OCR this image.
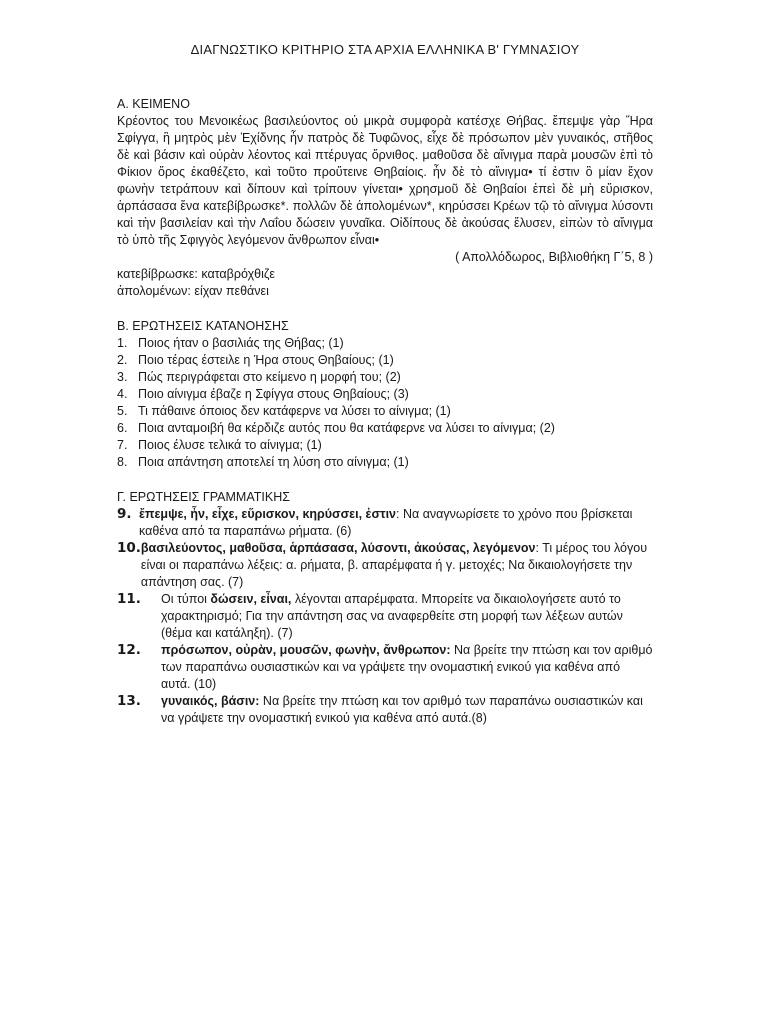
ΔΙΑΓΝΩΣΤΙΚΟ ΚΡΙΤΗΡΙΟ ΣΤΑ ΑΡΧΙΑ ΕΛΛΗΝΙΚΑ Β' ΓΥΜΝΑΣΙΟΥ
Α. ΚΕΙΜΕΝΟ
Κρέοντος του Μενοικέως βασιλεύοντος οὐ μικρὰ συμφορὰ κατέσχε Θήβας. ἔπεμψε γὰρ Ἥρα Σφίγγα, ἣ μητρὸς μὲν Ἐχίδνης ἦν πατρὸς δὲ Τυφῶνος, εἶχε δὲ πρόσωπον μὲν γυναικός, στῆθος δὲ καὶ βάσιν καὶ οὐρὰν λέοντος καὶ πτέρυγας ὄρνιθος. μαθοῦσα δὲ αἴνιγμα παρὰ μουσῶν ἐπὶ τὸ Φίκιον ὄρος ἐκαθέζετο, καὶ τοῦτο προὔτεινε Θηβαίοις. ἦν δὲ τὸ αἴνιγμα• τί ἐστιν ὃ μίαν ἔχον φωνὴν τετράπουν καὶ δίπουν καὶ τρίπουν γίνεται• χρησμοῦ δὲ Θηβαίοι ἐπεὶ δὲ μὴ εὕρισκον, ἁρπάσασα ἕνα κατεβίβρωσκε*. πολλῶν δὲ ἀπολομένων*, κηρύσσει Κρέων τῷ τὸ αἴνιγμα λύσοντι καὶ τὴν βασιλείαν καὶ τὴν Λαΐου δώσειν γυναῖκα. Οἰδίπους δὲ ἀκούσας ἔλυσεν, εἰπὼν τὸ αἴνιγμα τὸ ὑπὸ τῆς Σφιγγὸς λεγόμενον ἄνθρωπον εἶναι•
( Απολλόδωρος, Βιβλιοθήκη Γ΄5, 8 )
κατεβίβρωσκε: καταβρόχθιζε
ἀπολομένων: είχαν πεθάνει
Β. ΕΡΩΤΗΣΕΙΣ ΚΑΤΑΝΟΗΣΗΣ
1. Ποιος ήταν ο βασιλιάς της Θήβας; (1)
2. Ποιο τέρας έστειλε η Ήρα στους Θηβαίους; (1)
3. Πώς περιγράφεται στο κείμενο η μορφή του; (2)
4. Ποιο αίνιγμα έβαζε η Σφίγγα στους Θηβαίους; (3)
5. Τι πάθαινε όποιος δεν κατάφερνε να λύσει το αίνιγμα; (1)
6. Ποια ανταμοιβή θα κέρδιζε αυτός που θα κατάφερνε να λύσει το αίνιγμα; (2)
7. Ποιος έλυσε τελικά το αίνιγμα; (1)
8. Ποια απάντηση αποτελεί τη λύση στο αίνιγμα; (1)
Γ. ΕΡΩΤΗΣΕΙΣ ΓΡΑΜΜΑΤΙΚΗΣ
9. ἔπεμψε, ἦν, εἶχε, εὕρισκον, κηρύσσει, ἐστιν: Να αναγνωρίσετε το χρόνο που βρίσκεται καθένα από τα παραπάνω ρήματα. (6)
10. βασιλεύοντος, μαθοῦσα, ἁρπάσασα, λύσοντι, ἀκούσας, λεγόμενον: Τι μέρος του λόγου είναι οι παραπάνω λέξεις: α. ρήματα, β. απαρέμφατα ή γ. μετοχές; Να δικαιολογήσετε την απάντηση σας. (7)
11.	Οι τύποι δώσειν, εἶναι, λέγονται απαρέμφατα. Μπορείτε να δικαιολογήσετε αυτό το χαρακτηρισμό; Για την απάντηση σας να αναφερθείτε στη μορφή των λέξεων αυτών (θέμα και κατάληξη). (7)
12.	πρόσωπον, οὐρὰν, μουσῶν, φωνὴν, ἄνθρωπον: Να βρείτε την πτώση και τον αριθμό των παραπάνω ουσιαστικών και να γράψετε την ονομαστική ενικού για καθένα από αυτά. (10)
13.	γυναικός, βάσιν: Να βρείτε την πτώση και τον αριθμό των παραπάνω ουσιαστικών και να γράψετε την ονομαστική ενικού για καθένα από αυτά.(8)
